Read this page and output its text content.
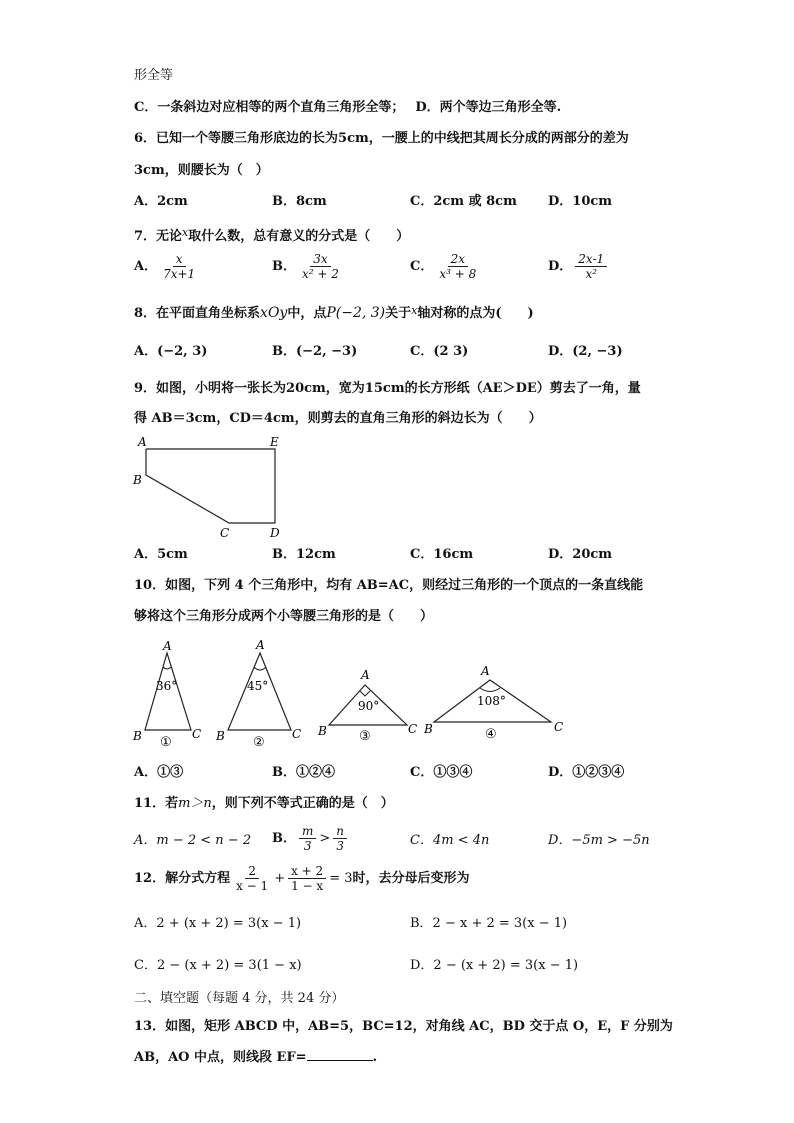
形全等
C．一条斜边对应相等的两个直角三角形全等；　 D．两个等边三角形全等.
6．已知一个等腰三角形底边的长为5cm，一腰上的中线把其周长分成的两部分的差为
3cm，则腰长为（　）
A．2cm	B．8cm	C．2cm 或 8cm D．10cm
7．无论$^x$取什么数，总有意义的分式是（　　）
A． $\frac{x}{7x+1}$	B． $\frac{3x}{\text{x² + 2}}$	C． $\frac{2x}{\text{x³ + 8}}$	D． $\frac{2x-1}{\text{x²}}$
8．在平面直角坐标系xOy中，点P(−2, 3)关于$^x$轴对称的点为(　　)
A．(−2, 3)	B．(−2, −3)	C．(2 3)	D．(2, −3)
9．如图，小明将一张长为20cm，宽为15cm的长方形纸（AE＞DE）剪去了一角，量
得 AB＝3cm，CD＝4cm，则剪去的直角三角形的斜边长为（　　）
A	E
B
C	D
A．5cm	B．12cm	C．16cm	D．20cm
10．如图，下列 4 个三角形中，均有 AB=AC，则经过三角形的一个顶点的一条直线能
够将这个三角形分成两个小等腰三角形的是（　　）
A
B	C
36°
①
A
B	C
45°
②
A
B	C
90°
③
A
B	C
108°
④
A．①③	B．①②④	C．①③④	D．①②③④
11．若m＞n，则下列不等式正确的是（　）
A．m − 2 < n − 2 B． $\frac{m}{3} > \frac{n}{3}$	C．4m < 4n	D．−5m > −5n
12．解分式方程 $\frac{2}{x - 1} + \frac{x + 2}{1 - x} = 3$时，去分母后变形为
A．2 + (x + 2) = 3(x − 1)	B．2 − x + 2 = 3(x − 1)
C．2 − (x + 2) = 3(1 − x)	D．2 − (x + 2) = 3(x − 1)
二、填空题（每题 4 分，共 24 分）
13．如图，矩形 ABCD 中，AB=5，BC=12，对角线 AC，BD 交于点 O，E，F 分别为
AB，AO 中点，则线段 EF=	.
